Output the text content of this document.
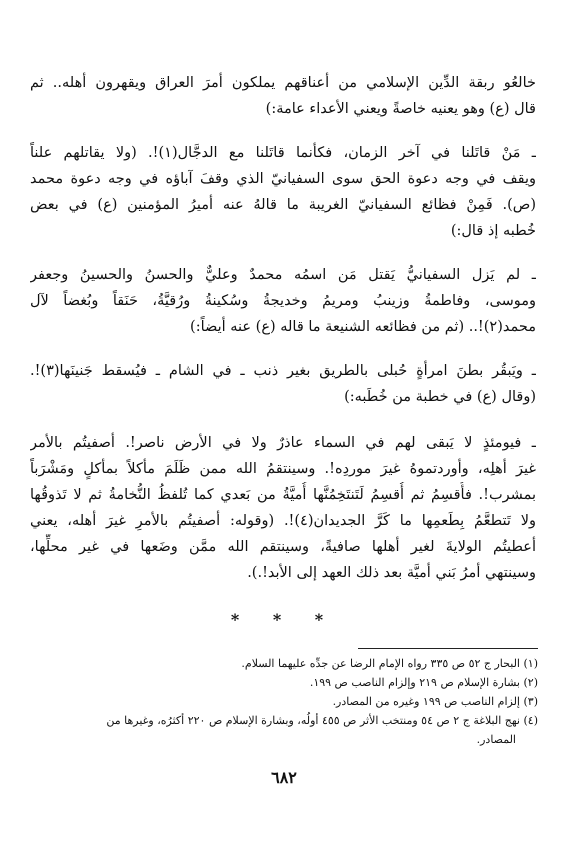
خالعُو ربقة الدِّين الإسلامي من أعناقهم يملكون أمرَ العراق ويقهرون أهله.. ثم
قال (ع) وهو يعنيه خاصةً ويعني الأعداء عامة:)
ـ مَنْ قاتَلنا في آخر الزمان، فكأنما قاتَلنا مع الدجَّال(١)!. (ولا يقاتلهم علناً
ويقف في وجه دعوة الحق سوى السفيانيّ الذي وقفَ آباؤه في وجه دعوة محمد
(ص). فَمِنْ فظائع السفيانيّ الغريبة ما قالهُ عنه أميرُ المؤمنين (ع) في بعض
خُطبه إذ قال:)
ـ لم يَزل السفيانيُّ يَقتل مَن اسمُه محمدٌ وعليٌّ والحسنُ والحسينُ وجعفر
وموسى، وفاطمةُ وزينبُ ومريمُ وخديجةُ وسُكينةُ ورُقيَّةُ، حَنَقاً وبُغضاً لآل
محمد(٢)!.. (ثم من فظائعه الشنيعة ما قاله (ع) عنه أيضاً:)
ـ ويَبقُر بطنَ امرأةٍ حُبلى بالطريق بغير ذنب ـ في الشام ـ فيُسقط جَنينَها(٣)!.
(وقال (ع) في خطبة من خُطَبه:)
ـ فيومئذٍ لا يَبقى لهم في السماء عاذرٌ ولا في الأرض ناصر!. أصفيتُم بالأمر
غيرَ أهلِه، وأوردتموهُ غيرَ موردِه!. وسينتقمُ الله ممن ظَلَمَ مأكلاً بمأكلٍ ومَشْرَباً
بمشرب!. فأُقسِمُ ثم أُقسِمُ لَتَنتَخِمُنَّها أُميَّةُ من بَعدي كما تُلفظُ النُّخامةُ ثم لا تَذوقُها
ولا تَتطعَّمُ بِطَعمِها ما كَرَّ الجديدان(٤)!. (وقوله: أصفيتُم بالأمرِ غيرَ أهله، يعني
أعطيتُم الولايةَ لغير أهلها صافيةً، وسينتقم الله ممَّن وضَعها في غير محلِّها،
وسينتهي أمرُ بَني أميَّة بعد ذلك العهد إلى الأبد!.).
* * *
(١) البحار ج ٥٢ ص ٣٣٥ رواه الإمام الرضا عن جدِّه عليهما السلام.
(٢) بشارة الإسلام ص ٢١٩ وإلزام الناصب ص ١٩٩.
(٣) إلزام الناصب ص ١٩٩ وغيره من المصادر.
(٤) نهج البلاغة ج ٢ ص ٥٤ ومنتخب الأثر ص ٤٥٥ أولُه، وبشارة الإسلام ص ٢٢٠ أكثرُه، وغيرها من
المصادر.
٦٨٢
